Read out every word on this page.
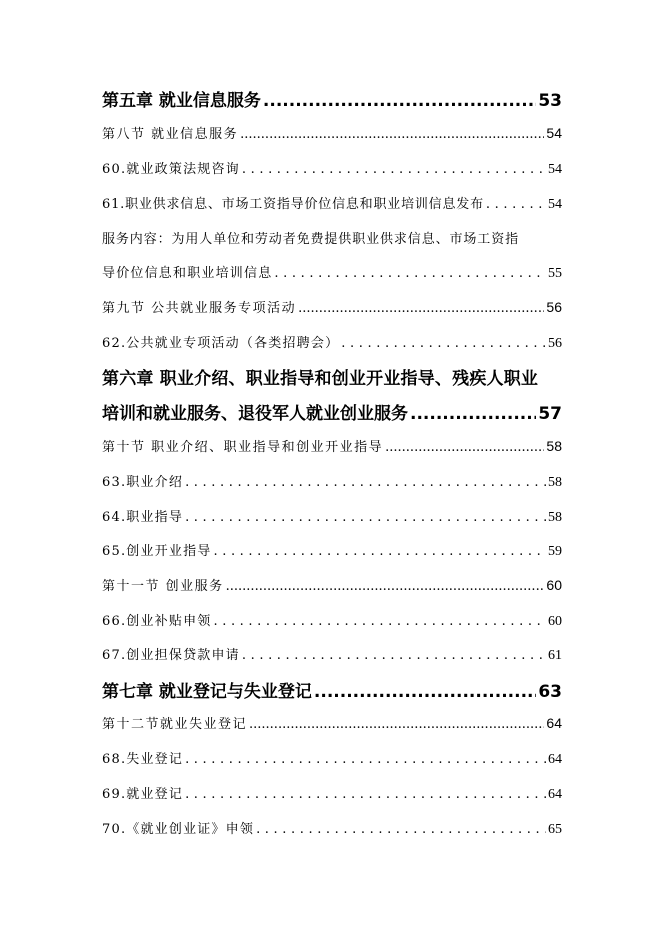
第五章 就业信息服务 .....	53
第八节 就业信息服务 .....	54
60.就业政策法规咨询 .....	54
61.职业供求信息、市场工资指导价位信息和职业培训信息发布 .....	54
服务内容：为用人单位和劳动者免费提供职业供求信息、市场工资指
导价位信息和职业培训信息 .....	55
第九节 公共就业服务专项活动 .....	56
62.公共就业专项活动（各类招聘会） .....	56
第六章 职业介绍、职业指导和创业开业指导、残疾人职业
培训和就业服务、退役军人就业创业服务 .....	57
第十节 职业介绍、职业指导和创业开业指导 .....	58
63.职业介绍 .....	58
64.职业指导 .....	58
65.创业开业指导 .....	59
第十一节 创业服务 .....	60
66.创业补贴申领 .....	60
67.创业担保贷款申请 .....	61
第七章 就业登记与失业登记 .....	63
第十二节就业失业登记 .....	64
68.失业登记 .....	64
69.就业登记 .....	64
70.《就业创业证》申领 .....	65
